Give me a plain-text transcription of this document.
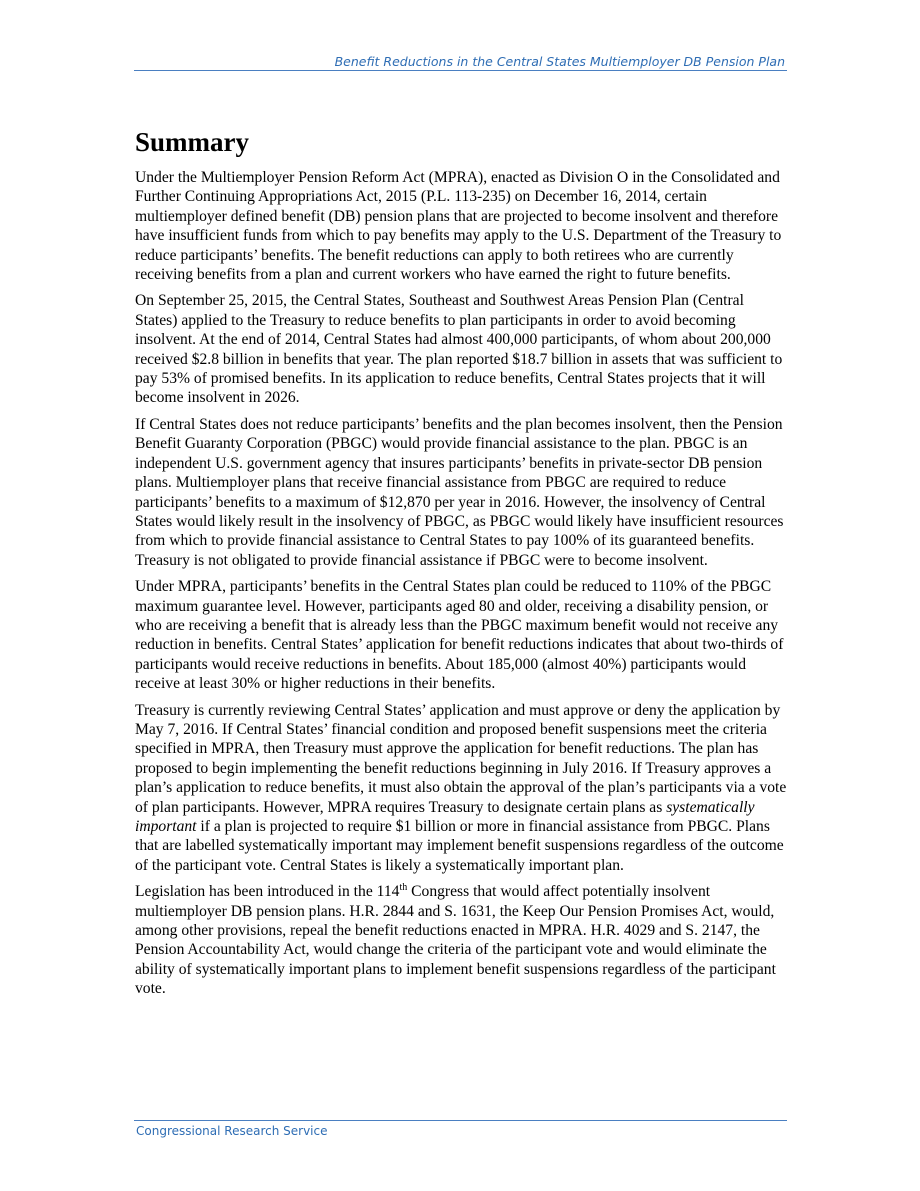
Benefit Reductions in the Central States Multiemployer DB Pension Plan
Summary

Under the Multiemployer Pension Reform Act (MPRA), enacted as Division O in the Consolidated and Further Continuing Appropriations Act, 2015 (P.L. 113-235) on December 16, 2014, certain multiemployer defined benefit (DB) pension plans that are projected to become insolvent and therefore have insufficient funds from which to pay benefits may apply to the U.S. Department of the Treasury to reduce participants’ benefits. The benefit reductions can apply to both retirees who are currently receiving benefits from a plan and current workers who have earned the right to future benefits.

On September 25, 2015, the Central States, Southeast and Southwest Areas Pension Plan (Central States) applied to the Treasury to reduce benefits to plan participants in order to avoid becoming insolvent. At the end of 2014, Central States had almost 400,000 participants, of whom about 200,000 received $2.8 billion in benefits that year. The plan reported $18.7 billion in assets that was sufficient to pay 53% of promised benefits. In its application to reduce benefits, Central States projects that it will become insolvent in 2026.

If Central States does not reduce participants’ benefits and the plan becomes insolvent, then the Pension Benefit Guaranty Corporation (PBGC) would provide financial assistance to the plan. PBGC is an independent U.S. government agency that insures participants’ benefits in private-sector DB pension plans. Multiemployer plans that receive financial assistance from PBGC are required to reduce participants’ benefits to a maximum of $12,870 per year in 2016. However, the insolvency of Central States would likely result in the insolvency of PBGC, as PBGC would likely have insufficient resources from which to provide financial assistance to Central States to pay 100% of its guaranteed benefits. Treasury is not obligated to provide financial assistance if PBGC were to become insolvent.

Under MPRA, participants’ benefits in the Central States plan could be reduced to 110% of the PBGC maximum guarantee level. However, participants aged 80 and older, receiving a disability pension, or who are receiving a benefit that is already less than the PBGC maximum benefit would not receive any reduction in benefits. Central States’ application for benefit reductions indicates that about two-thirds of participants would receive reductions in benefits. About 185,000 (almost 40%) participants would receive at least 30% or higher reductions in their benefits.

Treasury is currently reviewing Central States’ application and must approve or deny the application by May 7, 2016. If Central States’ financial condition and proposed benefit suspensions meet the criteria specified in MPRA, then Treasury must approve the application for benefit reductions. The plan has proposed to begin implementing the benefit reductions beginning in July 2016. If Treasury approves a plan’s application to reduce benefits, it must also obtain the approval of the plan’s participants via a vote of plan participants. However, MPRA requires Treasury to designate certain plans as systematically important if a plan is projected to require $1 billion or more in financial assistance from PBGC. Plans that are labelled systematically important may implement benefit suspensions regardless of the outcome of the participant vote. Central States is likely a systematically important plan.

Legislation has been introduced in the 114th Congress that would affect potentially insolvent multiemployer DB pension plans. H.R. 2844 and S. 1631, the Keep Our Pension Promises Act, would, among other provisions, repeal the benefit reductions enacted in MPRA. H.R. 4029 and S. 2147, the Pension Accountability Act, would change the criteria of the participant vote and would eliminate the ability of systematically important plans to implement benefit suspensions regardless of the participant vote.

Congressional Research Service
